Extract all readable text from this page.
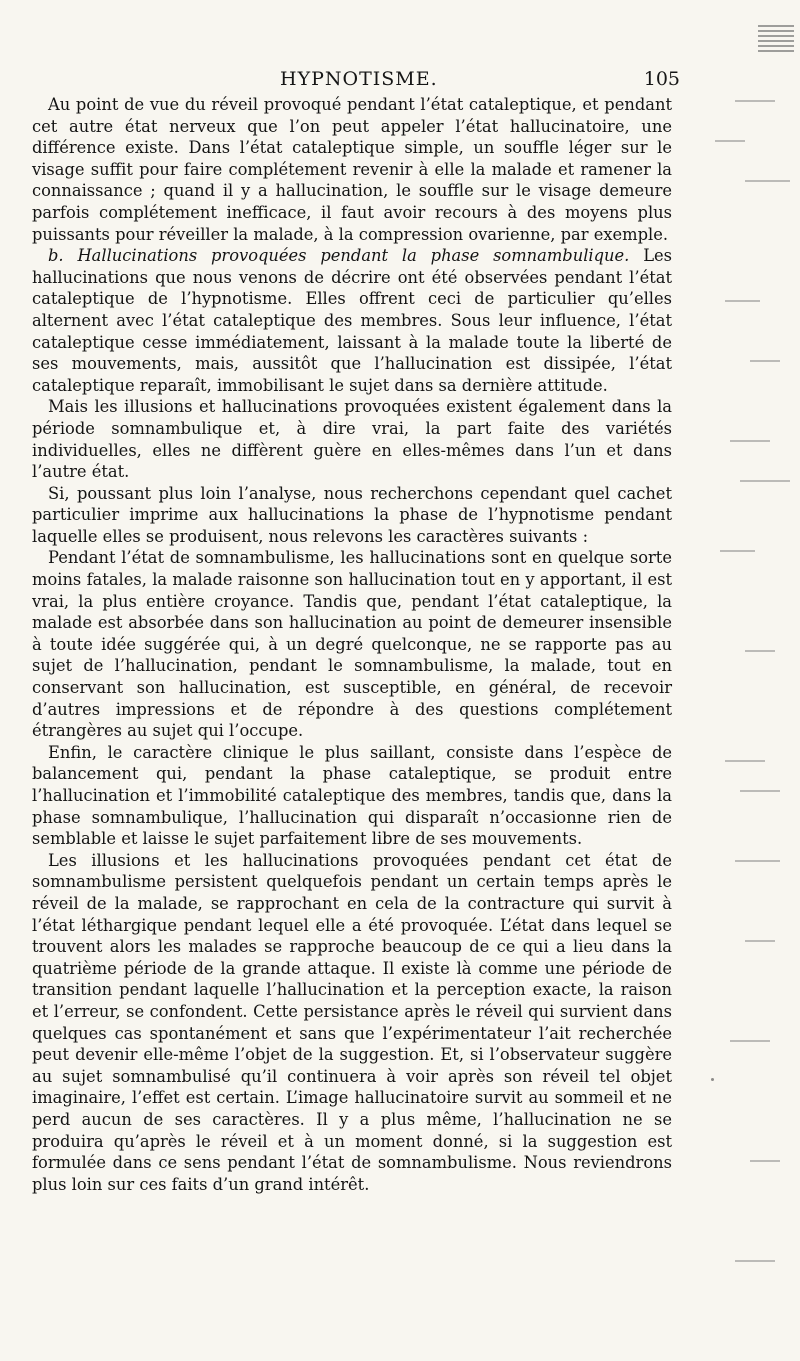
HYPNOTISME.	105

Au point de vue du réveil provoqué pendant l’état cataleptique, et pendant cet autre état nerveux que l’on peut appeler l’état hallucinatoire, une différence existe. Dans l’état cataleptique simple, un souffle léger sur le visage suffit pour faire complétement revenir à elle la malade et ramener la connaissance ; quand il y a hallucination, le souffle sur le visage demeure parfois complétement inefficace, il faut avoir recours à des moyens plus puissants pour réveiller la malade, à la compression ovarienne, par exemple.

b. Hallucinations provoquées pendant la phase somnambulique. Les hallucinations que nous venons de décrire ont été observées pendant l’état cataleptique de l’hypnotisme. Elles offrent ceci de particulier qu’elles alternent avec l’état cataleptique des membres. Sous leur influence, l’état cataleptique cesse immédiatement, laissant à la malade toute la liberté de ses mouvements, mais, aussitôt que l’hallucination est dissipée, l’état cataleptique reparaît, immobilisant le sujet dans sa dernière attitude.

Mais les illusions et hallucinations provoquées existent également dans la période somnambulique et, à dire vrai, la part faite des variétés individuelles, elles ne diffèrent guère en elles-mêmes dans l’un et dans l’autre état.

Si, poussant plus loin l’analyse, nous recherchons cependant quel cachet particulier imprime aux hallucinations la phase de l’hypnotisme pendant laquelle elles se produisent, nous relevons les caractères suivants :

Pendant l’état de somnambulisme, les hallucinations sont en quelque sorte moins fatales, la malade raisonne son hallucination tout en y apportant, il est vrai, la plus entière croyance. Tandis que, pendant l’état cataleptique, la malade est absorbée dans son hallucination au point de demeurer insensible à toute idée suggérée qui, à un degré quelconque, ne se rapporte pas au sujet de l’hallucination, pendant le somnambulisme, la malade, tout en conservant son hallucination, est susceptible, en général, de recevoir d’autres impressions et de répondre à des questions complétement étrangères au sujet qui l’occupe.

Enfin, le caractère clinique le plus saillant, consiste dans l’espèce de balancement qui, pendant la phase cataleptique, se produit entre l’hallucination et l’immobilité cataleptique des membres, tandis que, dans la phase somnambulique, l’hallucination qui disparaît n’occasionne rien de semblable et laisse le sujet parfaitement libre de ses mouvements.

Les illusions et les hallucinations provoquées pendant cet état de somnambulisme persistent quelquefois pendant un certain temps après le réveil de la malade, se rapprochant en cela de la contracture qui survit à l’état léthargique pendant lequel elle a été provoquée. L’état dans lequel se trouvent alors les malades se rapproche beaucoup de ce qui a lieu dans la quatrième période de la grande attaque. Il existe là comme une période de transition pendant laquelle l’hallucination et la perception exacte, la raison et l’erreur, se confondent. Cette persistance après le réveil qui survient dans quelques cas spontanément et sans que l’expérimentateur l’ait recherchée peut devenir elle-même l’objet de la suggestion. Et, si l’observateur suggère au sujet somnambulisé qu’il continuera à voir après son réveil tel objet imaginaire, l’effet est certain. L’image hallucinatoire survit au sommeil et ne perd aucun de ses caractères. Il y a plus même, l’hallucination ne se produira qu’après le réveil et à un moment donné, si la suggestion est formulée dans ce sens pendant l’état de somnambulisme. Nous reviendrons plus loin sur ces faits d’un grand intérêt.
